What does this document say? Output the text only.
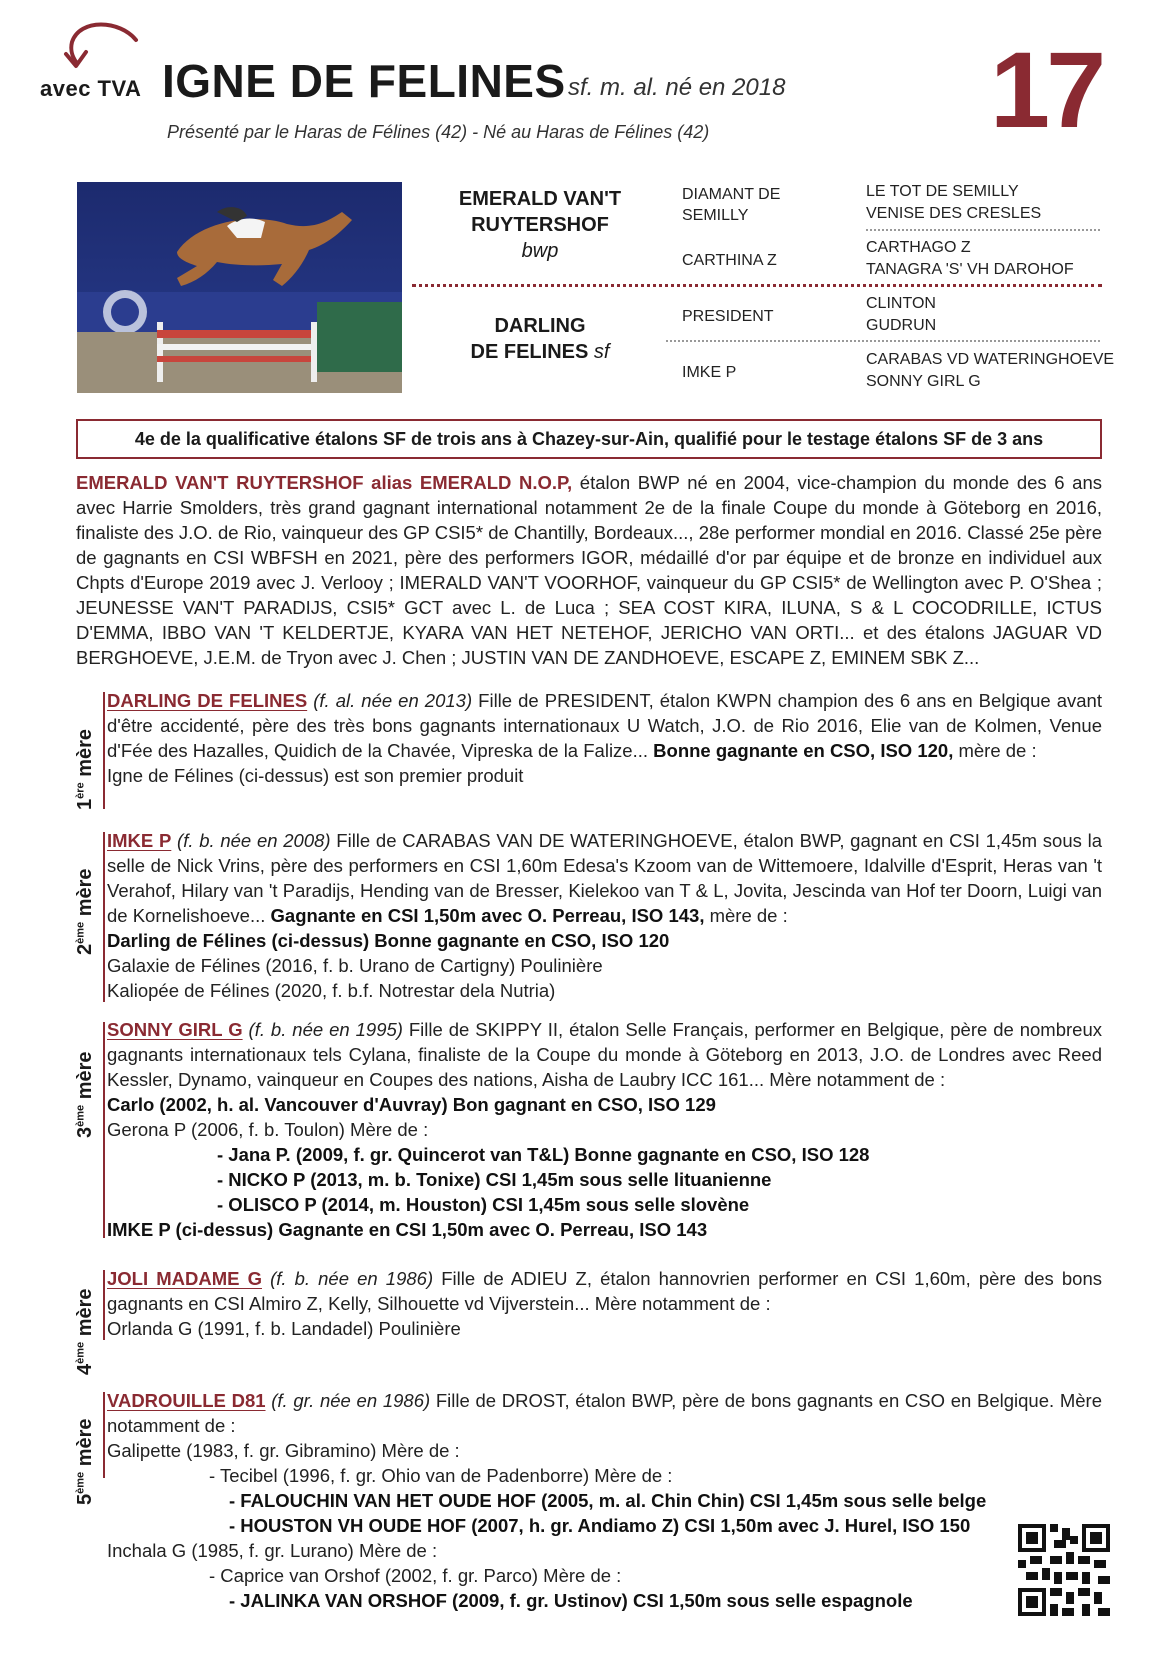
avec TVA IGNE DE FELINES sf. m. al. né en 2018 17
Présenté par le Haras de Félines (42) - Né au Haras de Félines (42)
EMERALD VAN'T
RUYTERSHOF
bwp
DARLING
DE FELINES sf
DIAMANT DE
SEMILLY
CARTHINA Z
PRESIDENT
IMKE P
LE TOT DE SEMILLY
VENISE DES CRESLES
CARTHAGO Z
TANAGRA 'S' VH DAROHOF
CLINTON
GUDRUN
CARABAS VD WATERINGHOEVE
SONNY GIRL G
4e de la qualificative étalons SF de trois ans à Chazey-sur-Ain, qualifié pour le testage étalons SF de 3 ans
EMERALD VAN'T RUYTERSHOF alias EMERALD N.O.P, étalon BWP né en 2004, vice-champion du monde des 6 ans avec Harrie Smolders, très grand gagnant international notamment 2e de la finale Coupe du monde à Göteborg en 2016, finaliste des J.O. de Rio, vainqueur des GP CSI5* de Chantilly, Bordeaux..., 28e performer mondial en 2016. Classé 25e père de gagnants en CSI WBFSH en 2021, père des performers IGOR, médaillé d'or par équipe et de bronze en individuel aux Chpts d'Europe 2019 avec J. Verlooy ; IMERALD VAN'T VOORHOF, vainqueur du GP CSI5* de Wellington avec P. O'Shea ; JEUNESSE VAN'T PARADIJS, CSI5* GCT avec L. de Luca ; SEA COST KIRA, ILUNA, S & L COCODRILLE, ICTUS D'EMMA, IBBO VAN 'T KELDERTJE, KYARA VAN HET NETEHOF, JERICHO VAN ORTI... et des étalons JAGUAR VD BERGHOEVE, J.E.M. de Tryon avec J. Chen ; JUSTIN VAN DE ZANDHOEVE, ESCAPE Z, EMINEM SBK Z...
1ère mère
DARLING DE FELINES (f. al. née en 2013) Fille de PRESIDENT, étalon KWPN champion des 6 ans en Belgique avant d'être accidenté, père des très bons gagnants internationaux U Watch, J.O. de Rio 2016, Elie van de Kolmen, Venue d'Fée des Hazalles, Quidich de la Chavée, Vipreska de la Falize... Bonne gagnante en CSO, ISO 120, mère de :
Igne de Félines (ci-dessus) est son premier produit
2ème mère
IMKE P (f. b. née en 2008) Fille de CARABAS VAN DE WATERINGHOEVE, étalon BWP, gagnant en CSI 1,45m sous la selle de Nick Vrins, père des performers en CSI 1,60m Edesa's Kzoom van de Wittemoere, Idalville d'Esprit, Heras van 't Verahof, Hilary van 't Paradijs, Hending van de Bresser, Kielekoo van T & L, Jovita, Jescinda van Hof ter Doorn, Luigi van de Kornelishoeve... Gagnante en CSI 1,50m avec O. Perreau, ISO 143, mère de :
Darling de Félines (ci-dessus) Bonne gagnante en CSO, ISO 120
Galaxie de Félines (2016, f. b. Urano de Cartigny) Poulinière
Kaliopée de Félines (2020, f. b.f. Notrestar dela Nutria)
3ème mère
SONNY GIRL G (f. b. née en 1995) Fille de SKIPPY II, étalon Selle Français, performer en Belgique, père de nombreux gagnants internationaux tels Cylana, finaliste de la Coupe du monde à Göteborg en 2013, J.O. de Londres avec Reed Kessler, Dynamo, vainqueur en Coupes des nations, Aisha de Laubry ICC 161... Mère notamment de :
Carlo (2002, h. al. Vancouver d'Auvray) Bon gagnant en CSO, ISO 129
Gerona P (2006, f. b. Toulon) Mère de :
- Jana P. (2009, f. gr. Quincerot van T&L) Bonne gagnante en CSO, ISO 128
- NICKO P (2013, m. b. Tonixe) CSI 1,45m sous selle lituanienne
- OLISCO P (2014, m. Houston) CSI 1,45m sous selle slovène
IMKE P (ci-dessus) Gagnante en CSI 1,50m avec O. Perreau, ISO 143
4ème mère
JOLI MADAME G (f. b. née en 1986) Fille de ADIEU Z, étalon hannovrien performer en CSI 1,60m, père des bons gagnants en CSI Almiro Z, Kelly, Silhouette vd Vijverstein... Mère notamment de :
Orlanda G (1991, f. b. Landadel) Poulinière
5ème mère
VADROUILLE D81 (f. gr. née en 1986) Fille de DROST, étalon BWP, père de bons gagnants en CSO en Belgique. Mère notamment de :
Galipette (1983, f. gr. Gibramino) Mère de :
- Tecibel (1996, f. gr. Ohio van de Padenborre) Mère de :
- FALOUCHIN VAN HET OUDE HOF (2005, m. al. Chin Chin) CSI 1,45m sous selle belge
- HOUSTON VH OUDE HOF (2007, h. gr. Andiamo Z) CSI 1,50m avec J. Hurel, ISO 150
Inchala G (1985, f. gr. Lurano) Mère de :
- Caprice van Orshof (2002, f. gr. Parco) Mère de :
- JALINKA VAN ORSHOF (2009, f. gr. Ustinov) CSI 1,50m sous selle espagnole
